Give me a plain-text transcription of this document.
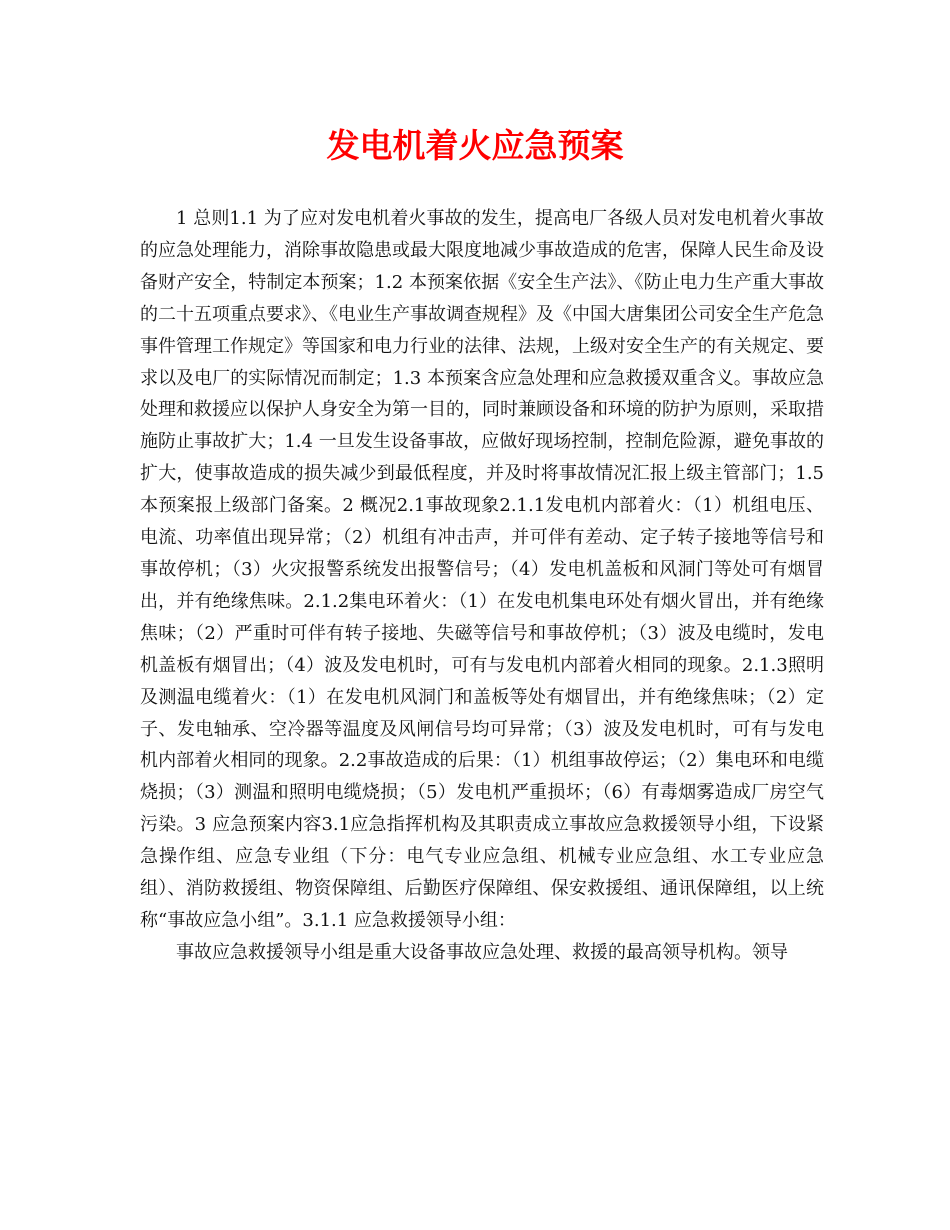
发电机着火应急预案

1 总则1.1 为了应对发电机着火事故的发生，提高电厂各级人员对发电机着火事故的应急处理能力，消除事故隐患或最大限度地减少事故造成的危害，保障人民生命及设备财产安全，特制定本预案；1.2 本预案依据《安全生产法》、《防止电力生产重大事故的二十五项重点要求》、《电业生产事故调查规程》及《中国大唐集团公司安全生产危急事件管理工作规定》等国家和电力行业的法律、法规，上级对安全生产的有关规定、要求以及电厂的实际情况而制定；1.3 本预案含应急处理和应急救援双重含义。事故应急处理和救援应以保护人身安全为第一目的，同时兼顾设备和环境的防护为原则，采取措施防止事故扩大；1.4 一旦发生设备事故，应做好现场控制，控制危险源，避免事故的扩大，使事故造成的损失减少到最低程度，并及时将事故情况汇报上级主管部门；1.5 本预案报上级部门备案。2 概况2.1事故现象2.1.1发电机内部着火：（1）机组电压、电流、功率值出现异常；（2）机组有冲击声，并可伴有差动、定子转子接地等信号和事故停机；（3）火灾报警系统发出报警信号；（4）发电机盖板和风洞门等处可有烟冒出，并有绝缘焦味。2.1.2集电环着火：（1）在发电机集电环处有烟火冒出，并有绝缘焦味；（2）严重时可伴有转子接地、失磁等信号和事故停机；（3）波及电缆时，发电机盖板有烟冒出；（4）波及发电机时，可有与发电机内部着火相同的现象。2.1.3照明及测温电缆着火：（1）在发电机风洞门和盖板等处有烟冒出，并有绝缘焦味；（2）定子、发电轴承、空冷器等温度及风闸信号均可异常；（3）波及发电机时，可有与发电机内部着火相同的现象。2.2事故造成的后果：（1）机组事故停运；（2）集电环和电缆烧损；（3）测温和照明电缆烧损；（5）发电机严重损坏；（6）有毒烟雾造成厂房空气污染。3 应急预案内容3.1应急指挥机构及其职责成立事故应急救援领导小组，下设紧急操作组、应急专业组（下分：电气专业应急组、机械专业应急组、水工专业应急组）、消防救援组、物资保障组、后勤医疗保障组、保安救援组、通讯保障组，以上统称“事故应急小组”。3.1.1 应急救援领导小组：

事故应急救援领导小组是重大设备事故应急处理、救援的最高领导机构。领导
